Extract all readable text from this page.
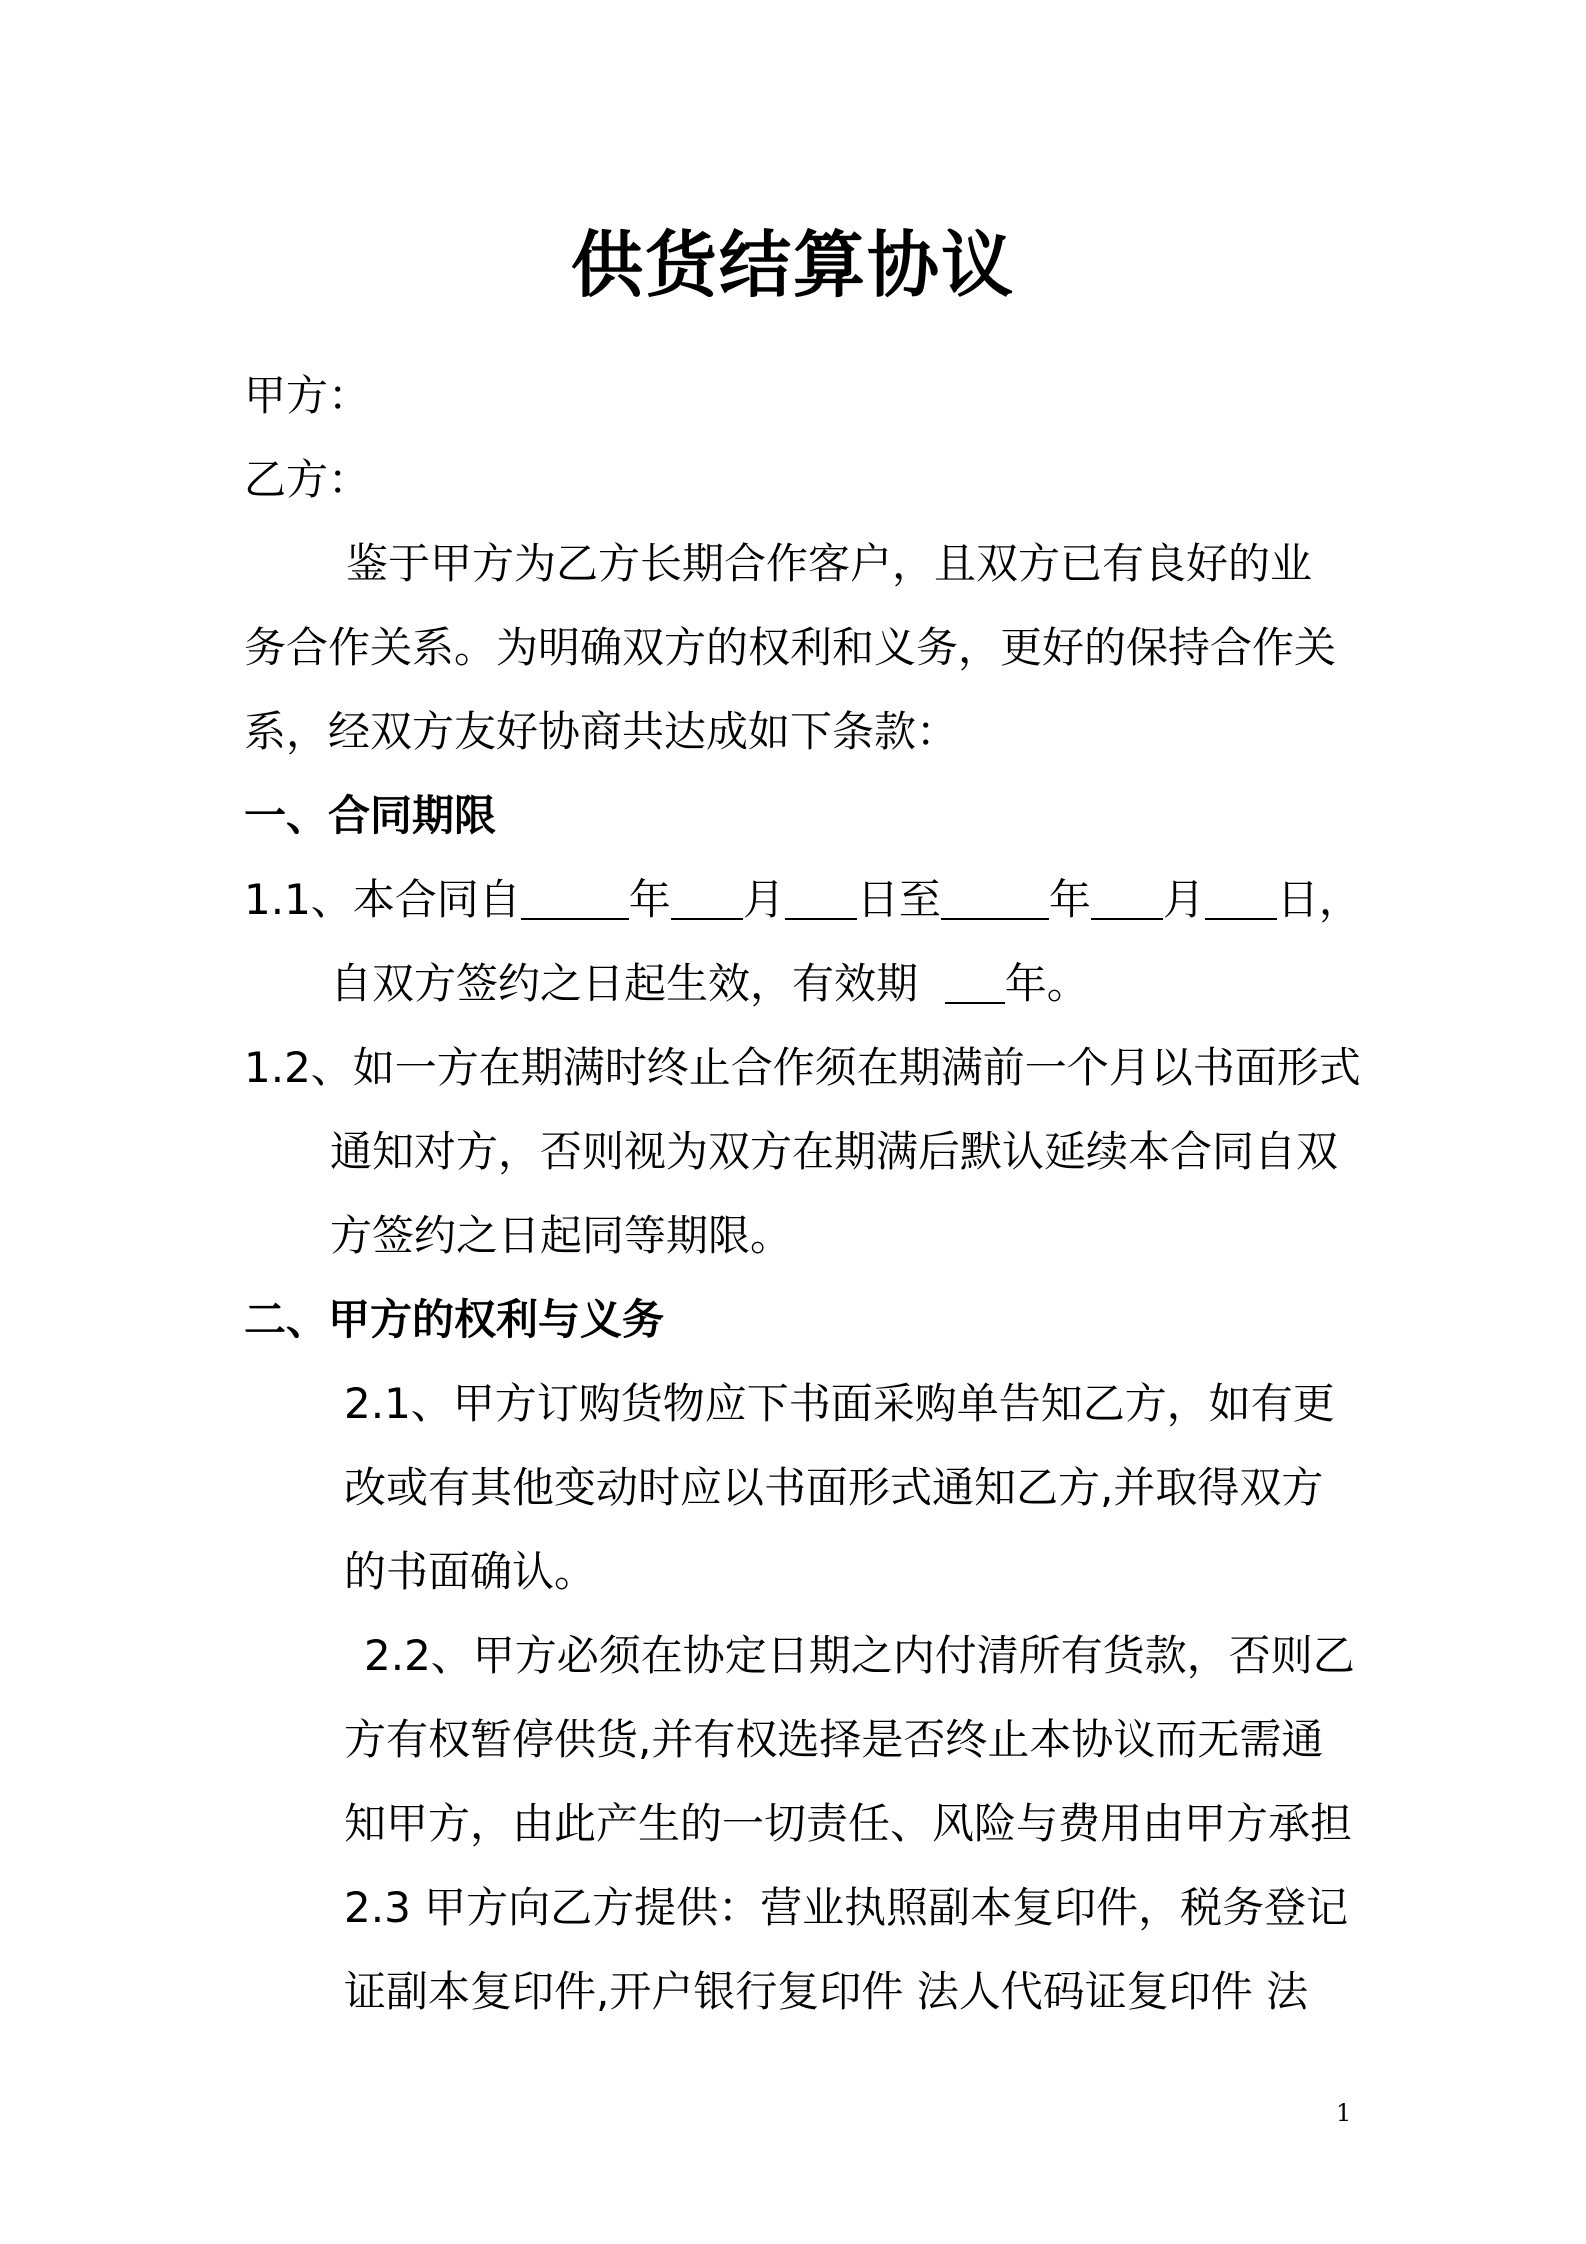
供货结算协议
甲方：
乙方：
鉴于甲方为乙方长期合作客户，且双方已有良好的业
务合作关系。为明确双方的权利和义务，更好的保持合作关
系，经双方友好协商共达成如下条款：
一、合同期限
1.1、本合同自	年 月 日至	年 月 日，
自双方签约之日起生效，有效期 年。
1.2、如一方在期满时终止合作须在期满前一个月以书面形式
通知对方，否则视为双方在期满后默认延续本合同自双
方签约之日起同等期限。
二、甲方的权利与义务
2.1、甲方订购货物应下书面采购单告知乙方，如有更
改或有其他变动时应以书面形式通知乙方,并取得双方
的书面确认。
2.2、甲方必须在协定日期之内付清所有货款，否则乙
方有权暂停供货,并有权选择是否终止本协议而无需通
知甲方，由此产生的一切责任、风险与费用由甲方承担
2.3 甲方向乙方提供：营业执照副本复印件，税务登记
证副本复印件,开户银行复印件 法人代码证复印件 法
1
